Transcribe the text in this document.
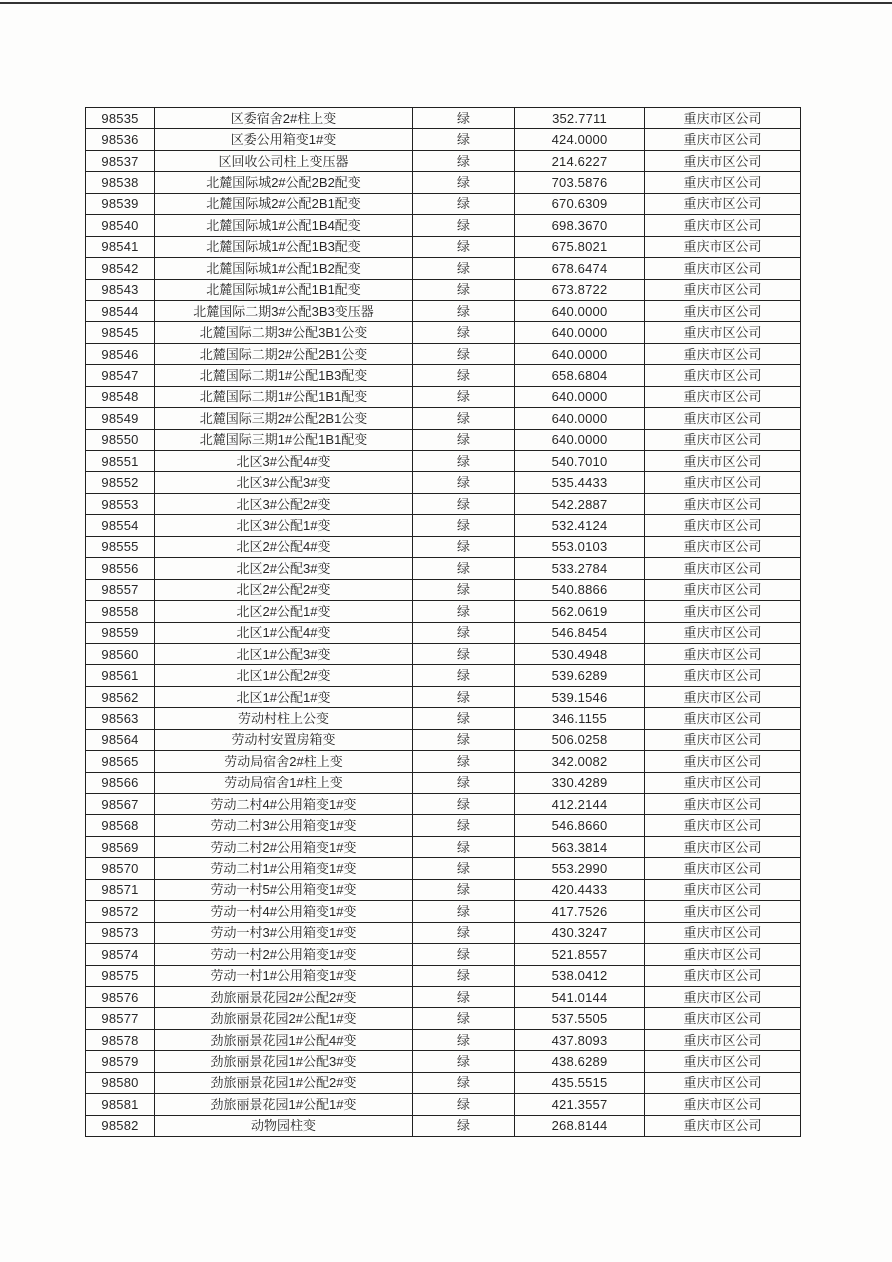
98535	区委宿舍2#柱上变	绿	352.7711	重庆市区公司
98536	区委公用箱变1#变	绿	424.0000	重庆市区公司
98537	区回收公司柱上变压器	绿	214.6227	重庆市区公司
98538	北麓国际城2#公配2B2配变	绿	703.5876	重庆市区公司
98539	北麓国际城2#公配2B1配变	绿	670.6309	重庆市区公司
98540	北麓国际城1#公配1B4配变	绿	698.3670	重庆市区公司
98541	北麓国际城1#公配1B3配变	绿	675.8021	重庆市区公司
98542	北麓国际城1#公配1B2配变	绿	678.6474	重庆市区公司
98543	北麓国际城1#公配1B1配变	绿	673.8722	重庆市区公司
98544	北麓国际二期3#公配3B3变压器	绿	640.0000	重庆市区公司
98545	北麓国际二期3#公配3B1公变	绿	640.0000	重庆市区公司
98546	北麓国际二期2#公配2B1公变	绿	640.0000	重庆市区公司
98547	北麓国际二期1#公配1B3配变	绿	658.6804	重庆市区公司
98548	北麓国际二期1#公配1B1配变	绿	640.0000	重庆市区公司
98549	北麓国际三期2#公配2B1公变	绿	640.0000	重庆市区公司
98550	北麓国际三期1#公配1B1配变	绿	640.0000	重庆市区公司
98551	北区3#公配4#变	绿	540.7010	重庆市区公司
98552	北区3#公配3#变	绿	535.4433	重庆市区公司
98553	北区3#公配2#变	绿	542.2887	重庆市区公司
98554	北区3#公配1#变	绿	532.4124	重庆市区公司
98555	北区2#公配4#变	绿	553.0103	重庆市区公司
98556	北区2#公配3#变	绿	533.2784	重庆市区公司
98557	北区2#公配2#变	绿	540.8866	重庆市区公司
98558	北区2#公配1#变	绿	562.0619	重庆市区公司
98559	北区1#公配4#变	绿	546.8454	重庆市区公司
98560	北区1#公配3#变	绿	530.4948	重庆市区公司
98561	北区1#公配2#变	绿	539.6289	重庆市区公司
98562	北区1#公配1#变	绿	539.1546	重庆市区公司
98563	劳动村柱上公变	绿	346.1155	重庆市区公司
98564	劳动村安置房箱变	绿	506.0258	重庆市区公司
98565	劳动局宿舍2#柱上变	绿	342.0082	重庆市区公司
98566	劳动局宿舍1#柱上变	绿	330.4289	重庆市区公司
98567	劳动二村4#公用箱变1#变	绿	412.2144	重庆市区公司
98568	劳动二村3#公用箱变1#变	绿	546.8660	重庆市区公司
98569	劳动二村2#公用箱变1#变	绿	563.3814	重庆市区公司
98570	劳动二村1#公用箱变1#变	绿	553.2990	重庆市区公司
98571	劳动一村5#公用箱变1#变	绿	420.4433	重庆市区公司
98572	劳动一村4#公用箱变1#变	绿	417.7526	重庆市区公司
98573	劳动一村3#公用箱变1#变	绿	430.3247	重庆市区公司
98574	劳动一村2#公用箱变1#变	绿	521.8557	重庆市区公司
98575	劳动一村1#公用箱变1#变	绿	538.0412	重庆市区公司
98576	劲旅丽景花园2#公配2#变	绿	541.0144	重庆市区公司
98577	劲旅丽景花园2#公配1#变	绿	537.5505	重庆市区公司
98578	劲旅丽景花园1#公配4#变	绿	437.8093	重庆市区公司
98579	劲旅丽景花园1#公配3#变	绿	438.6289	重庆市区公司
98580	劲旅丽景花园1#公配2#变	绿	435.5515	重庆市区公司
98581	劲旅丽景花园1#公配1#变	绿	421.3557	重庆市区公司
98582	动物园柱变	绿	268.8144	重庆市区公司
